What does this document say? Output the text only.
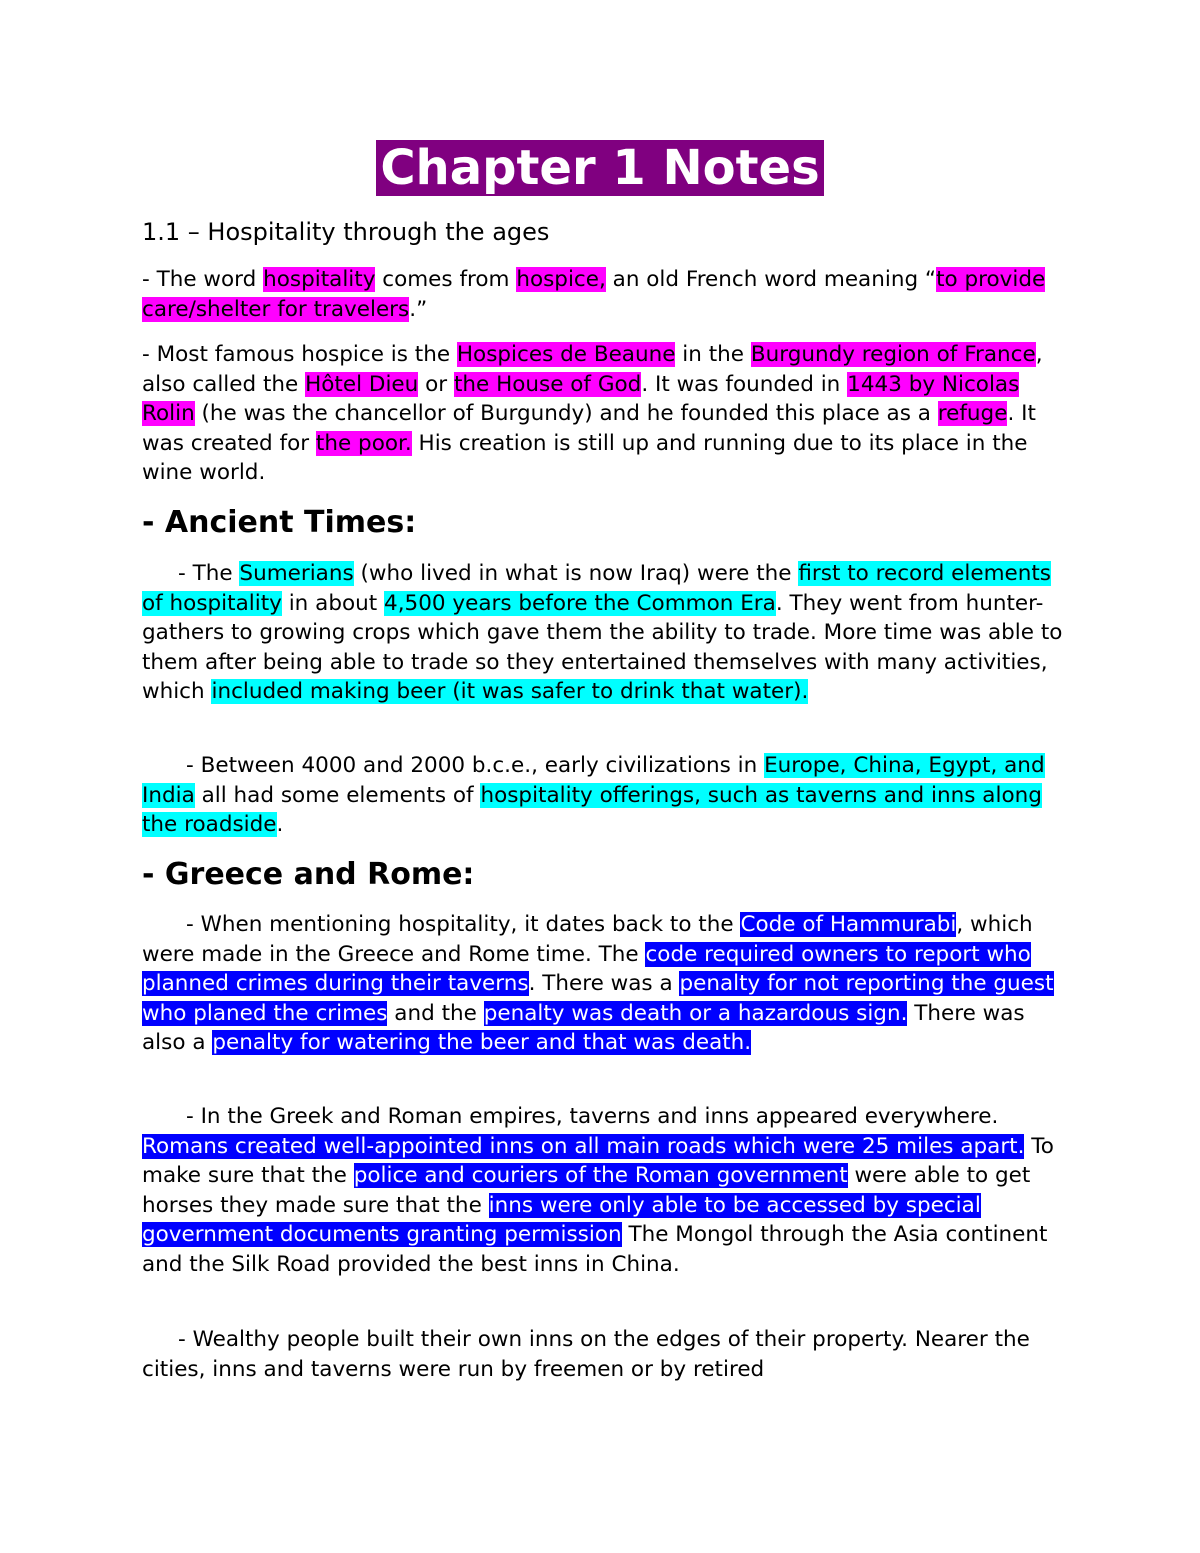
Chapter 1 Notes
1.1 – Hospitality through the ages
- The word hospitality comes from hospice, an old French word meaning “to provide care/shelter for travelers.”
- Most famous hospice is the Hospices de Beaune in the Burgundy region of France, also called the Hôtel Dieu or the House of God. It was founded in 1443 by Nicolas Rolin (he was the chancellor of Burgundy) and he founded this place as a refuge. It was created for the poor. His creation is still up and running due to its place in the wine world.
- Ancient Times:
- The Sumerians (who lived in what is now Iraq) were the first to record elements of hospitality in about 4,500 years before the Common Era. They went from hunter-gathers to growing crops which gave them the ability to trade. More time was able to them after being able to trade so they entertained themselves with many activities, which included making beer (it was safer to drink that water).
- Between 4000 and 2000 b.c.e., early civilizations in Europe, China, Egypt, and India all had some elements of hospitality offerings, such as taverns and inns along the roadside.
- Greece and Rome:
- When mentioning hospitality, it dates back to the Code of Hammurabi, which were made in the Greece and Rome time. The code required owners to report who planned crimes during their taverns. There was a penalty for not reporting the guest who planed the crimes and the penalty was death or a hazardous sign. There was also a penalty for watering the beer and that was death.
- In the Greek and Roman empires, taverns and inns appeared everywhere. Romans created well-appointed inns on all main roads which were 25 miles apart. To make sure that the police and couriers of the Roman government were able to get horses they made sure that the inns were only able to be accessed by special government documents granting permission The Mongol through the Asia continent and the Silk Road provided the best inns in China.
- Wealthy people built their own inns on the edges of their property. Nearer the cities, inns and taverns were run by freemen or by retired
